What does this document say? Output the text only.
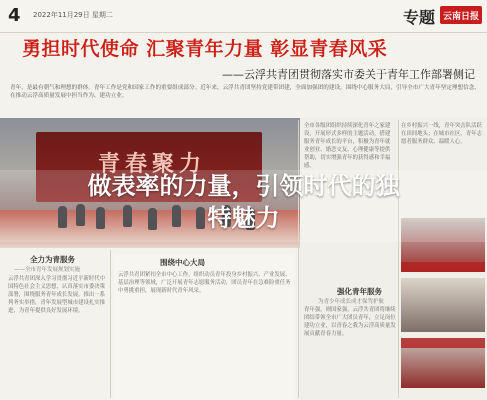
4 2022年11月29日 星期二	专题 云南日报
勇担时代使命 汇聚青年力量 彰显青春风采
——云浮共青团贯彻落实市委关于青年工作部署侧记
青年，是最有朝气和理想的群体。青年工作是党和国家工作的重要组成部分。近年来，云浮共青团坚持党建带团建，全面加强团的建设，围绕中心服务大局，引导全市广大青年坚定理想信念，在推动云浮高质量发展中担当作为、建功立业。
青春聚力
全市各级团组织持续深化青年之家建设，开展形式多样的主题活动，搭建服务青年成长的平台，积极为青年就业创业、婚恋交友、心理健康等提供帮助，切实增强青年的获得感和幸福感。
在乡村振兴一线，青年突击队活跃在田间地头；在城市社区，青年志愿者服务群众、温暖人心。
强化青年服务
为青少年成长成才保驾护航
青年强，则国家强。云浮共青团将继续团结带领全市广大团员青年，立足岗位建功立业，以青春之我为云浮高质量发展贡献青春力量。
全力为青服务
——全市青年发展规划实施
云浮共青团深入学习贯彻习近平新时代中国特色社会主义思想，认真落实市委决策部署，围绕服务青年成长发展，推出一系列务实举措，青年发展型城市建设扎实推进，为青年提供良好发展环境。
围绕中心大局
云浮共青团紧扣全市中心工作，组织动员青年投身乡村振兴、产业发展、基层治理等领域，广泛开展青年志愿服务活动，团员青年在急难险重任务中勇挑重担，展现新时代青年风采。
做表率的力量，引领时代的独
特魅力
